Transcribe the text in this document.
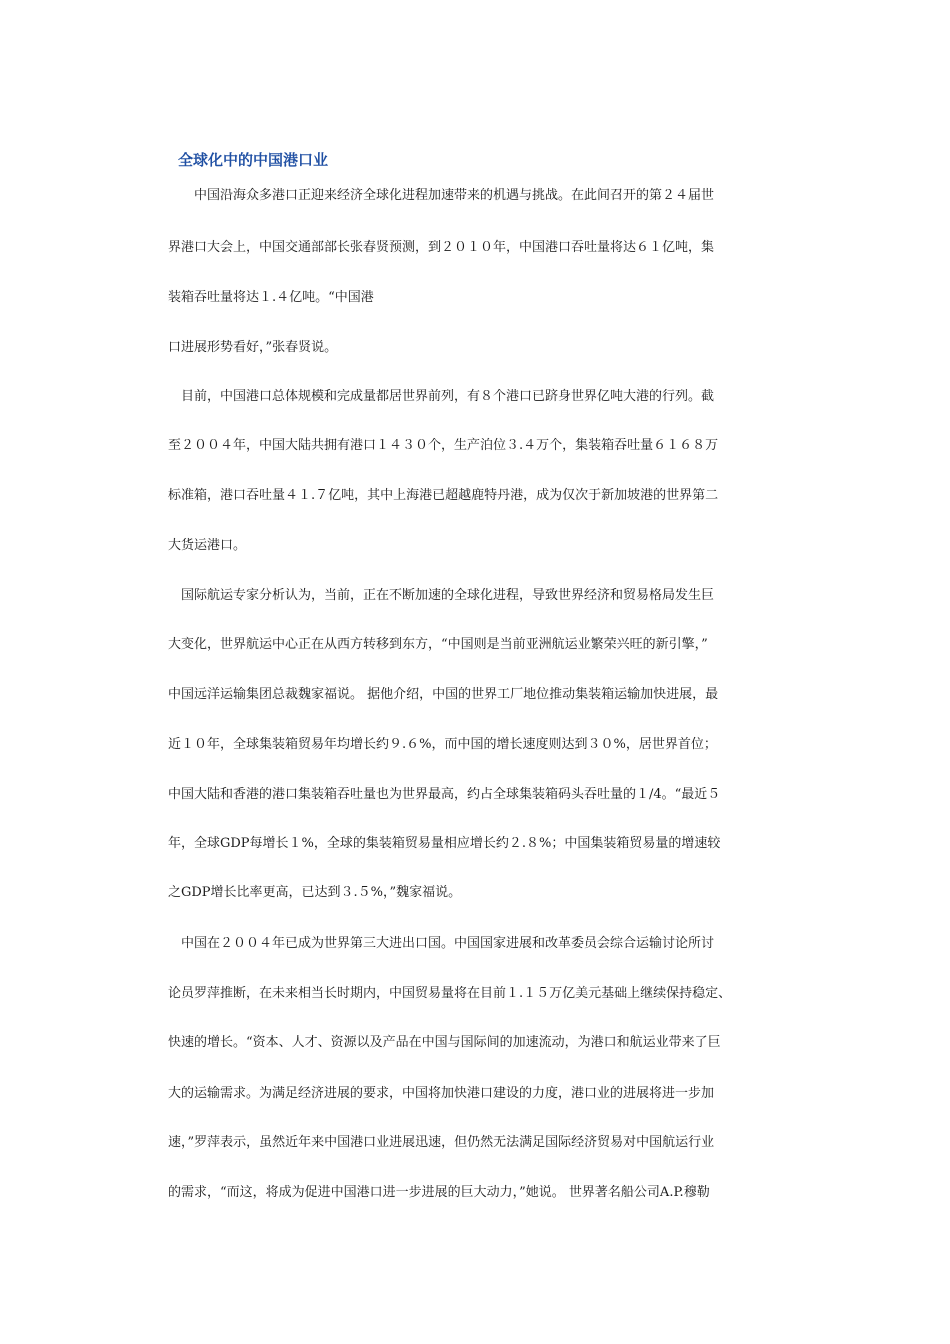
全球化中的中国港口业
　　中国沿海众多港口正迎来经济全球化进程加速带来的机遇与挑战。在此间召开的第２４届世
界港口大会上，中国交通部部长张春贤预测，到２０１０年，中国港口吞吐量将达６１亿吨，集
装箱吞吐量将达１.４亿吨。“中国港
口进展形势看好，”张春贤说。
　目前，中国港口总体规模和完成量都居世界前列，有８个港口已跻身世界亿吨大港的行列。截
至２００４年，中国大陆共拥有港口１４３０个，生产泊位３.４万个，集装箱吞吐量６１６８万
标准箱，港口吞吐量４１.７亿吨，其中上海港已超越鹿特丹港，成为仅次于新加坡港的世界第二
大货运港口。
　国际航运专家分析认为，当前，正在不断加速的全球化进程，导致世界经济和贸易格局发生巨
大变化，世界航运中心正在从西方转移到东方，“中国则是当前亚洲航运业繁荣兴旺的新引擎，”
中国远洋运输集团总裁魏家福说。 据他介绍，中国的世界工厂地位推动集装箱运输加快进展，最
近１０年，全球集装箱贸易年均增长约９.６%，而中国的增长速度则达到３０%，居世界首位；
中国大陆和香港的港口集装箱吞吐量也为世界最高，约占全球集装箱码头吞吐量的１/4。“最近５
年，全球GDP每增长１%，全球的集装箱贸易量相应增长约２.８%；中国集装箱贸易量的增速较
之GDP增长比率更高，已达到３.５%，”魏家福说。
　中国在２００４年已成为世界第三大进出口国。中国国家进展和改革委员会综合运输讨论所讨
论员罗萍推断，在未来相当长时期内，中国贸易量将在目前１.１５万亿美元基础上继续保持稳定、
快速的增长。“资本、人才、资源以及产品在中国与国际间的加速流动，为港口和航运业带来了巨
大的运输需求。为满足经济进展的要求，中国将加快港口建设的力度，港口业的进展将进一步加
速，”罗萍表示，虽然近年来中国港口业进展迅速，但仍然无法满足国际经济贸易对中国航运行业
的需求，“而这，将成为促进中国港口进一步进展的巨大动力，”她说。 世界著名船公司A.P.穆勒
